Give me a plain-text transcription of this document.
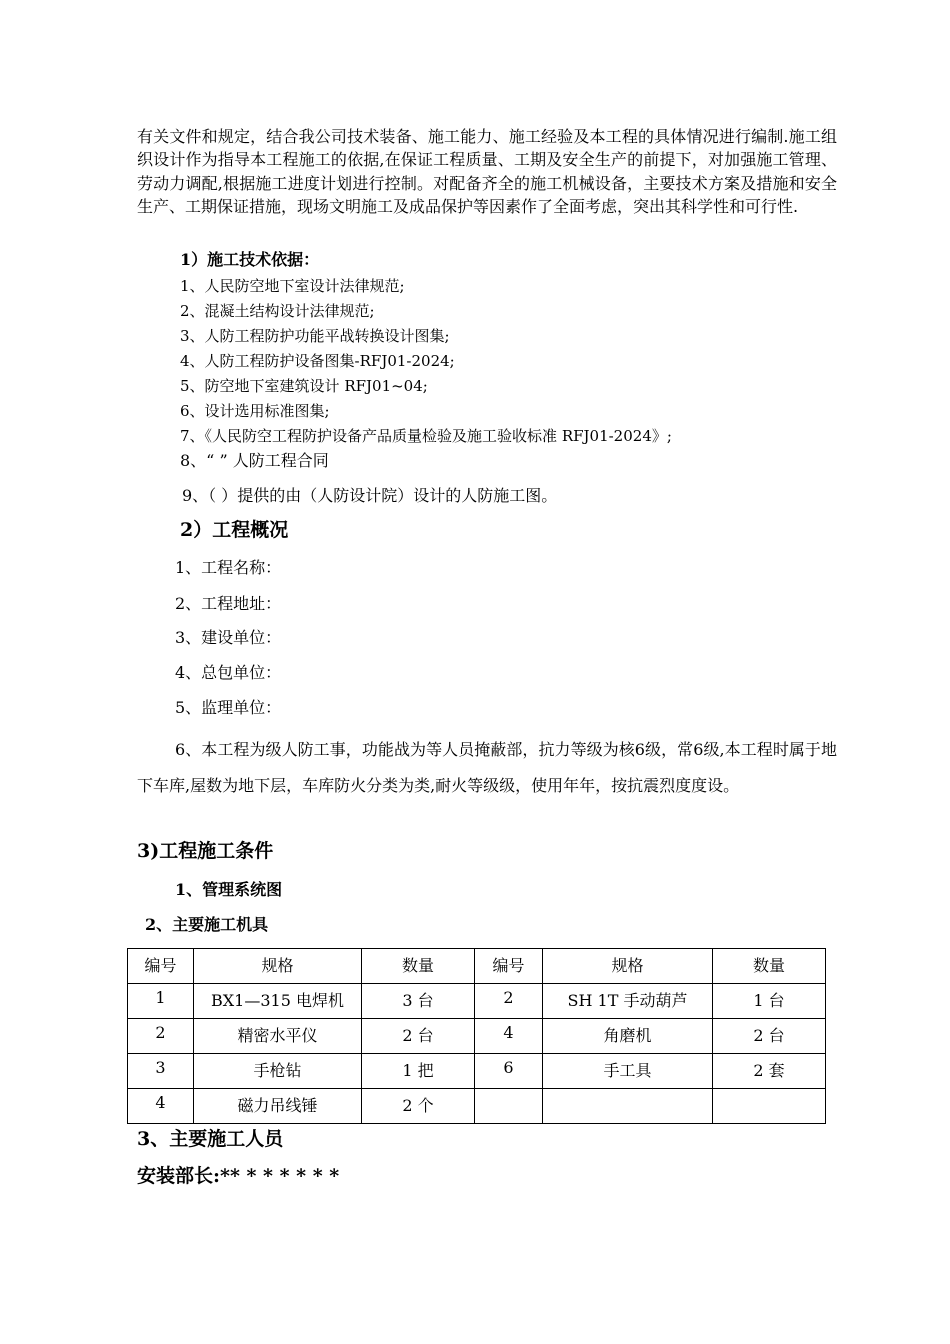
有关文件和规定，结合我公司技术装备、施工能力、施工经验及本工程的具体情况进行编制.施工组织设计作为指导本工程施工的依据,在保证工程质量、工期及安全生产的前提下，对加强施工管理、劳动力调配,根据施工进度计划进行控制。对配备齐全的施工机械设备，主要技术方案及措施和安全生产、工期保证措施，现场文明施工及成品保护等因素作了全面考虑，突出其科学性和可行性.
1）施工技术依据：
1、人民防空地下室设计法律规范;
2、混凝土结构设计法律规范;
3、人防工程防护功能平战转换设计图集;
4、人防工程防护设备图集-RFJ01-2024;
5、防空地下室建筑设计 RFJ01~04;
6、设计选用标准图集;
7、《人民防空工程防护设备产品质量检验及施工验收标准 RFJ01-2024》;
8、“ ” 人防工程合同
9、（ ）提供的由（人防设计院）设计的人防施工图。
2）工程概况
1、工程名称：
2、工程地址：
3、建设单位：
4、总包单位：
5、监理单位：
6、本工程为级人防工事，功能战为等人员掩蔽部，抗力等级为核6级，常6级,本工程时属于地下车库,屋数为地下层，车库防火分类为类,耐火等级级，使用年年，按抗震烈度度设。
3)工程施工条件
1、管理系统图
2、主要施工机具
编号	规格	数量	编号	规格	数量
1	BX1—315 电焊机	3 台	2	SH 1T 手动葫芦	1 台
2	精密水平仪	2 台	4	角磨机	2 台
3	手枪钻	1 把	6	手工具	2 套
4	磁力吊线锤	2 个			
3、主要施工人员
安装部长:** * * * * * *
